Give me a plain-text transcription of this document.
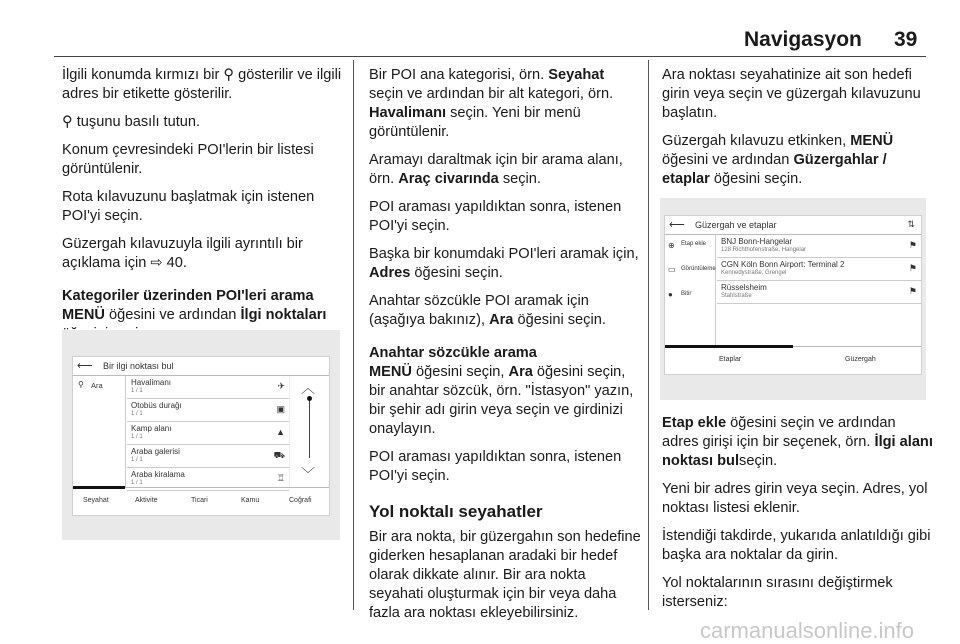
Navigasyon 39

İlgili konumda kırmızı bir ⚲ gösterilir ve ilgili adres bir etikette gösterilir.

⚲ tuşunu basılı tutun.

Konum çevresindeki POI'lerin bir listesi görüntülenir.

Rota kılavuzunu başlatmak için istenen POI'yi seçin.

Güzergah kılavuzuyla ilgili ayrıntılı bir açıklama için ⇨ 40.

Kategoriler üzerinden POI'leri arama
MENÜ öğesini ve ardından İlgi noktaları

⟵ Bir ilgi noktası bul
⚲ Ara	Havalimanı
1 / 1	✈
Otobüs durağı
1 / 1	▣
Kamp alanı
1 / 1	▲
Araba galerisi
1 / 1	⛟
Araba kiralama
1 / 1	♖
︿
﹀
Seyahat	Aktivite	Ticari	Kamu	Coğrafi

Bir POI ana kategorisi, örn. Seyahat seçin ve ardından bir alt kategori, örn. Havalimanı seçin. Yeni bir menü görüntülenir.

Aramayı daraltmak için bir arama alanı, örn. Araç civarında seçin.

POI araması yapıldıktan sonra, istenen POI'yi seçin.

Başka bir konumdaki POI'leri aramak için, Adres öğesini seçin.

Anahtar sözcükle POI aramak için (aşağıya bakınız), Ara öğesini seçin.

Anahtar sözcükle arama
MENÜ öğesini seçin, Ara öğesini seçin, bir anahtar sözcük, örn. "İstasyon" yazın, bir şehir adı girin veya seçin ve girdinizi onaylayın.

POI araması yapıldıktan sonra, istenen POI'yi seçin.

Yol noktalı seyahatler

Bir ara nokta, bir güzergahın son hedefine giderken hesaplanan aradaki bir hedef olarak dikkate alınır. Bir ara nokta seyahati oluşturmak için bir veya daha fazla ara noktası ekleyebilirsiniz.

Ara noktası seyahatinize ait son hedefi girin veya seçin ve güzergah kılavuzunu başlatın.

Güzergah kılavuzu etkinken, MENÜ öğesini ve ardından Güzergahlar / etaplar öğesini seçin.

⟵ Güzergah ve etaplar	⇅
⊕ Etap ekle
▭ Görüntüleme
● Bitir
BNJ Bonn-Hangelar
128 Richthofenstraße, Hangelar	⚑
CGN Köln Bonn Airport: Terminal 2
Kennedystraße, Grengel	⚑
Rüsselsheim
Stahlstraße	⚑
Etaplar	Güzergah

Etap ekle öğesini seçin ve ardından adres girişi için bir seçenek, örn. İlgi alanı noktası bulseçin.

Yeni bir adres girin veya seçin. Adres, yol noktası listesi eklenir.

İstendiği takdirde, yukarıda anlatıldığı gibi başka ara noktalar da girin.

Yol noktalarının sırasını değiştirmek isterseniz:

carmanualsonline.info
